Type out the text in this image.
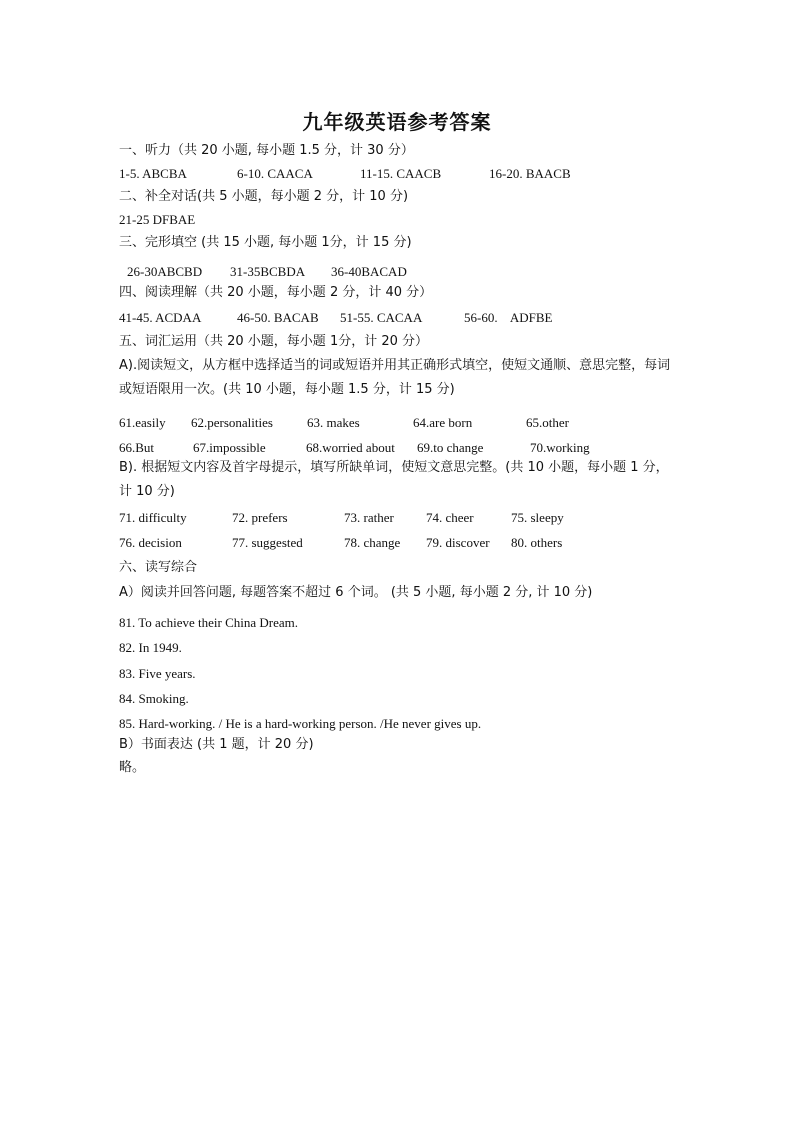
九年级英语参考答案
一、听力（共 20 小题, 每小题 1.5 分，计 30 分）
1-5. ABCBA	6-10. CAACA	11-15. CAACB	16-20. BAACB
二、补全对话(共 5 小题，每小题 2 分，计 10 分)
21-25 DFBAE
三、完形填空 (共 15 小题, 每小题 1分，计 15 分)
26-30ABCBD 31-35BCBDA 36-40BACAD
四、阅读理解（共 20 小题，每小题 2 分，计 40 分）
41-45. ACDAA	46-50. BACAB 51-55. CACAA	56-60.    ADFBE
五、词汇运用（共 20 小题，每小题 1分，计 20 分）
A).阅读短文，从方框中选择适当的词或短语并用其正确形式填空，使短文通顺、意思完整，每词或短语限用一次。(共 10 小题，每小题 1.5 分，计 15 分)
61.easily 62.personalities	63. makes	64.are born	65.other
66.But	67.impossible	68.worried about 69.to change	70.working
B). 根据短文内容及首字母提示，填写所缺单词，使短文意思完整。(共 10 小题，每小题 1 分，计 10 分)
71. difficulty	72. prefers	73. rather 74. cheer	75. sleepy
76. decision	77. suggested	78. change 79. discover 80. others
六、读写综合
A）阅读并回答问题, 每题答案不超过 6 个词。 (共 5 小题, 每小题 2 分, 计 10 分)
81. To achieve their China Dream.
82. In 1949.
83. Five years.
84. Smoking.
85. Hard-working. / He is a hard-working person. /He never gives up.
B）书面表达 (共 1 题，计 20 分)
略。
